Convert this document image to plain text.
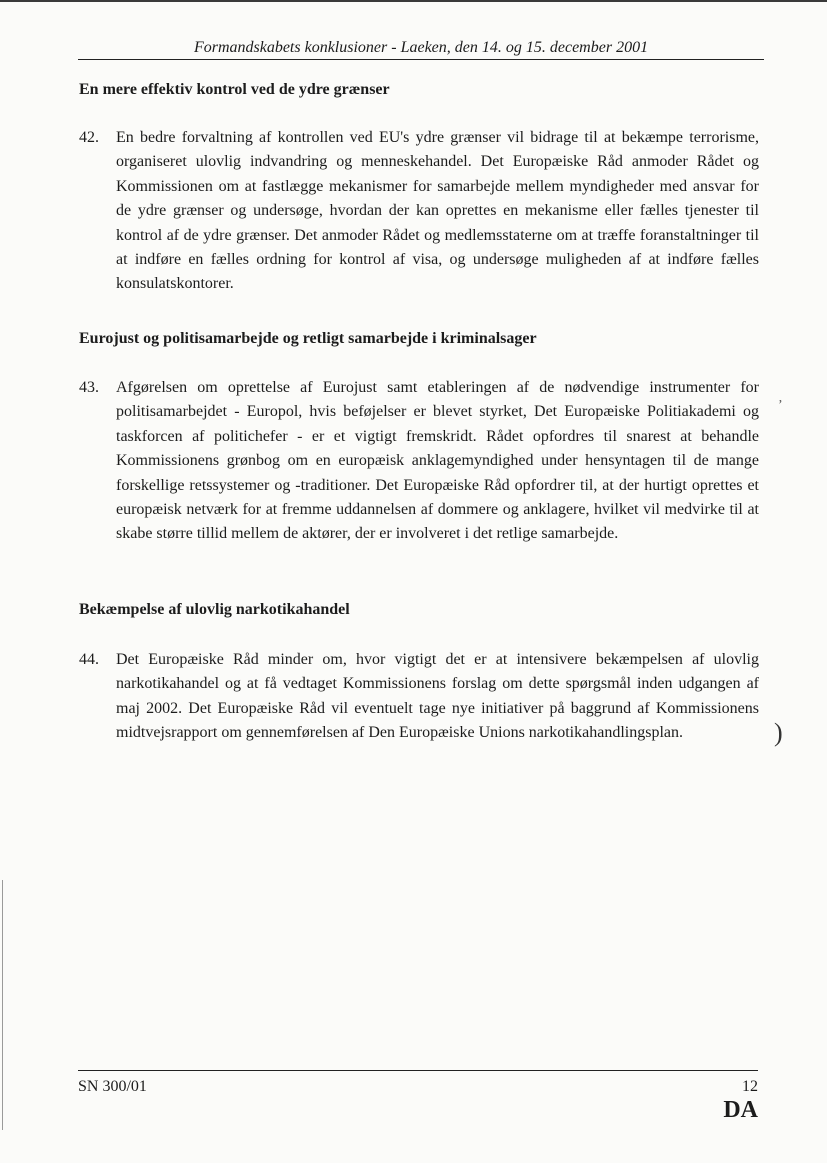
Formandskabets konklusioner - Laeken, den 14. og 15. december 2001
En mere effektiv kontrol ved de ydre grænser
42. En bedre forvaltning af kontrollen ved EU's ydre grænser vil bidrage til at bekæmpe terrorisme, organiseret ulovlig indvandring og menneskehandel. Det Europæiske Råd anmoder Rådet og Kommissionen om at fastlægge mekanismer for samarbejde mellem myndigheder med ansvar for de ydre grænser og undersøge, hvordan der kan oprettes en mekanisme eller fælles tjenester til kontrol af de ydre grænser. Det anmoder Rådet og medlemsstaterne om at træffe foranstaltninger til at indføre en fælles ordning for kontrol af visa, og undersøge muligheden af at indføre fælles konsulatskontorer.
Eurojust og politisamarbejde og retligt samarbejde i kriminalsager
43. Afgørelsen om oprettelse af Eurojust samt etableringen af de nødvendige instrumenter for politisamarbejdet - Europol, hvis beføjelser er blevet styrket, Det Europæiske Politiakademi og taskforcen af politichefer - er et vigtigt fremskridt. Rådet opfordres til snarest at behandle Kommissionens grønbog om en europæisk anklagemyndighed under hensyntagen til de mange forskellige retssystemer og -traditioner. Det Europæiske Råd opfordrer til, at der hurtigt oprettes et europæisk netværk for at fremme uddannelsen af dommere og anklagere, hvilket vil medvirke til at skabe større tillid mellem de aktører, der er involveret i det retlige samarbejde.
Bekæmpelse af ulovlig narkotikahandel
44. Det Europæiske Råd minder om, hvor vigtigt det er at intensivere bekæmpelsen af ulovlig narkotikahandel og at få vedtaget Kommissionens forslag om dette spørgsmål inden udgangen af maj 2002. Det Europæiske Råd vil eventuelt tage nye initiativer på baggrund af Kommissionens midtvejsrapport om gennemførelsen af Den Europæiske Unions narkotikahandlingsplan.
’
)
SN 300/01	12
DA
